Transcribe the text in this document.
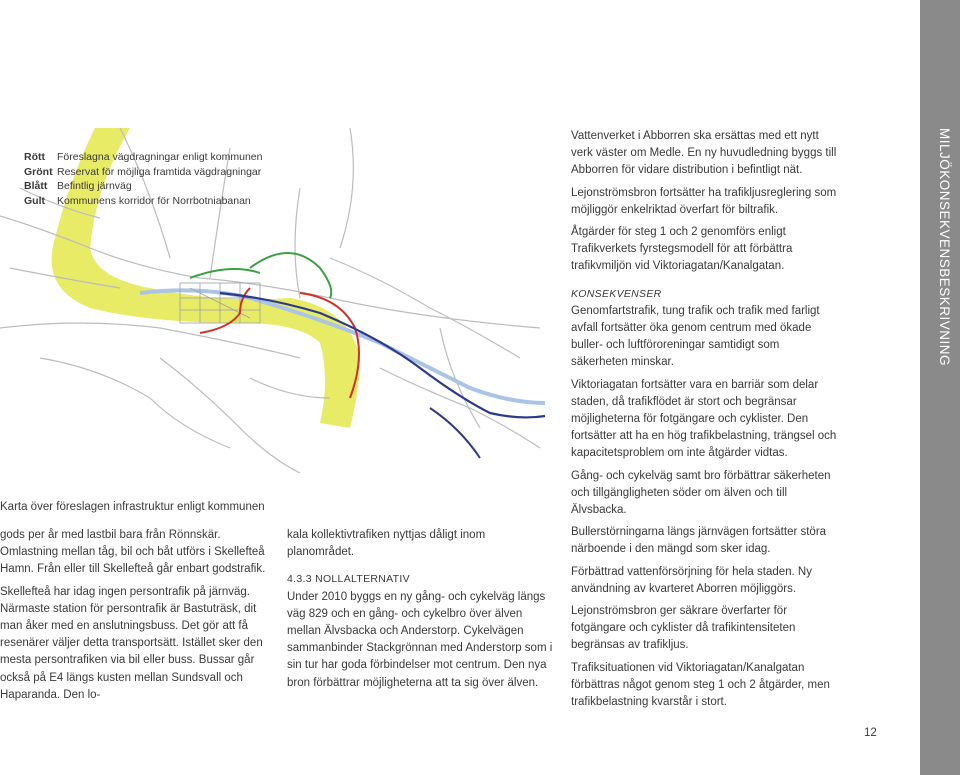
MILJÖKONSEKVENSBESKRIVNING
Rött Föreslagna vägdragningar enligt kommunen
Grönt Reservat för möjliga framtida vägdragningar
Blått Befintlig järnväg
Gult Kommunens korridor för Norrbotniabanan
Karta över föreslagen infrastruktur enligt kommunen

gods per år med lastbil bara från Rönnskär. Omlastning mellan tåg, bil och båt utförs i Skellefteå Hamn. Från eller till Skellefteå går enbart godstrafik.

Skellefteå har idag ingen persontrafik på järnväg. Närmaste station för persontrafik är Bastuträsk, dit man åker med en anslutningsbuss. Det gör att få resenärer väljer detta transportsätt. Istället sker den mesta persontrafiken via bil eller buss. Bussar går också på E4 längs kusten mellan Sundsvall och Haparanda. Den lo-

kala kollektivtrafiken nyttjas dåligt inom planområdet.

4.3.3 NOLLALTERNATIV

Under 2010 byggs en ny gång- och cykelväg längs väg 829 och en gång- och cykelbro över älven mellan Älvsbacka och Anderstorp. Cykelvägen sammanbinder Stackgrönnan med Anderstorp som i sin tur har goda förbindelser mot centrum. Den nya bron förbättrar möjligheterna att ta sig över älven.

Vattenverket i Abborren ska ersättas med ett nytt verk väster om Medle. En ny huvudledning byggs till Abborren för vidare distribution i befintligt nät.

Lejonströmsbron fortsätter ha trafikljusreglering som möjliggör enkelriktad överfart för biltrafik.

Åtgärder för steg 1 och 2 genomförs enligt Trafikverkets fyrstegsmodell för att förbättra trafikvmiljön vid Viktoriagatan/Kanalgatan.

KONSEKVENSER

Genomfartstrafik, tung trafik och trafik med farligt avfall fortsätter öka genom centrum med ökade buller- och luftföroreningar samtidigt som säkerheten minskar.

Viktoriagatan fortsätter vara en barriär som delar staden, då trafikflödet är stort och begränsar möjligheterna för fotgängare och cyklister. Den fortsätter att ha en hög trafikbelastning, trängsel och kapacitetsproblem om inte åtgärder vidtas.

Gång- och cykelväg samt bro förbättrar säkerheten och tillgängligheten söder om älven och till Älvsbacka.

Bullerstörningarna längs järnvägen fortsätter störa närboende i den mängd som sker idag.

Förbättrad vattenförsörjning för hela staden. Ny användning av kvarteret Aborren möjliggörs.

Lejonströmsbron ger säkrare överfarter för fotgängare och cyklister då trafikintensiteten begränsas av trafikljus.

Trafiksituationen vid Viktoriagatan/Kanalgatan förbättras något genom steg 1 och 2 åtgärder, men trafikbelastning kvarstår i stort.

12
